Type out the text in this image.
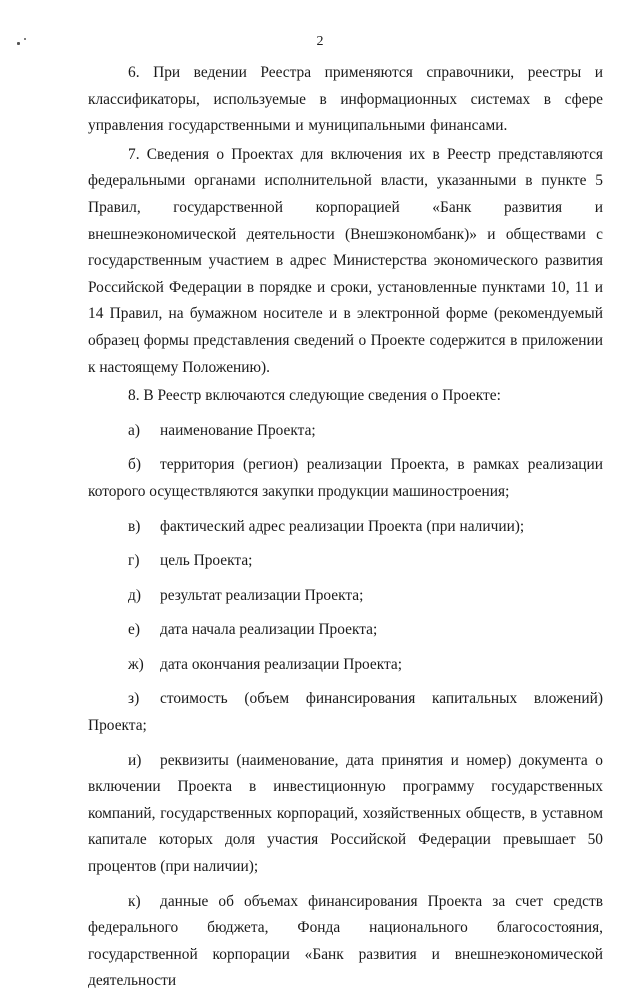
2

6. При ведении Реестра применяются справочники, реестры и классификаторы, используемые в информационных системах в сфере управления государственными и муниципальными финансами.

7. Сведения о Проектах для включения их в Реестр представляются федеральными органами исполнительной власти, указанными в пункте 5 Правил, государственной корпорацией «Банк развития и внешнеэкономической деятельности (Внешэкономбанк)» и обществами с государственным участием в адрес Министерства экономического развития Российской Федерации в порядке и сроки, установленные пунктами 10, 11 и 14 Правил, на бумажном носителе и в электронной форме (рекомендуемый образец формы представления сведений о Проекте содержится в приложении к настоящему Положению).

8. В Реестр включаются следующие сведения о Проекте:

а) наименование Проекта;

б) территория (регион) реализации Проекта, в рамках реализации которого осуществляются закупки продукции машиностроения;

в) фактический адрес реализации Проекта (при наличии);

г) цель Проекта;

д) результат реализации Проекта;

е) дата начала реализации Проекта;

ж) дата окончания реализации Проекта;

з) стоимость (объем финансирования капитальных вложений) Проекта;

и) реквизиты (наименование, дата принятия и номер) документа о включении Проекта в инвестиционную программу государственных компаний, государственных корпораций, хозяйственных обществ, в уставном капитале которых доля участия Российской Федерации превышает 50 процентов (при наличии);

к) данные об объемах финансирования Проекта за счет средств федерального бюджета, Фонда национального благосостояния, государственной корпорации «Банк развития и внешнеэкономической деятельности
